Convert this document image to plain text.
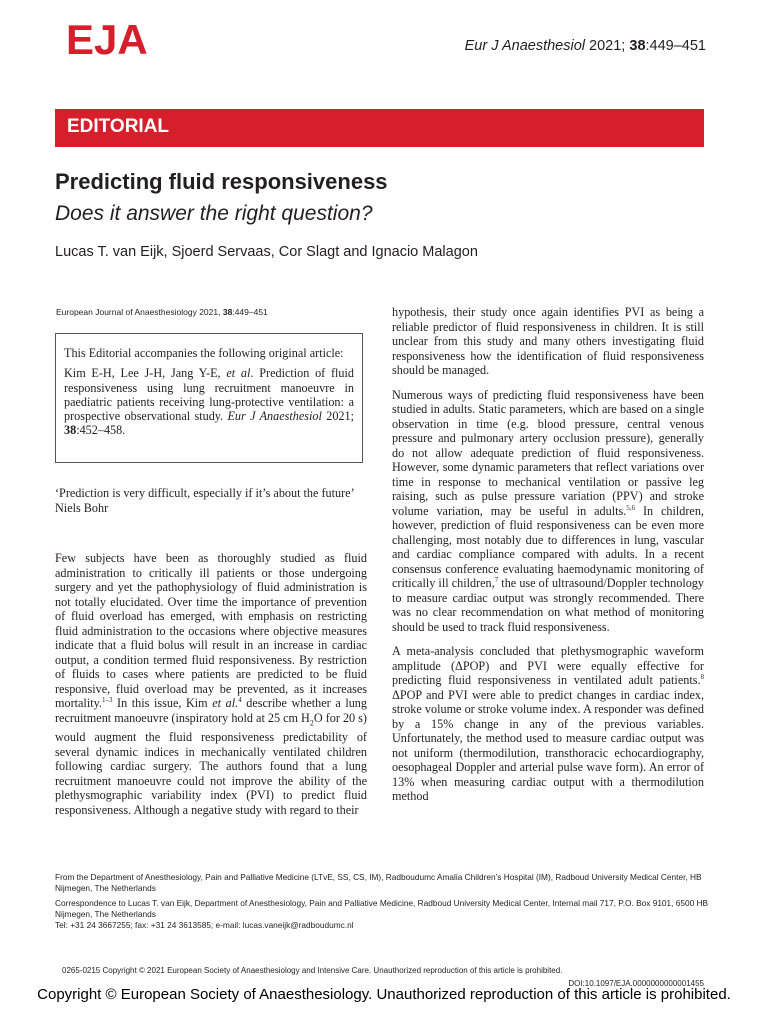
EJA	Eur J Anaesthesiol 2021; 38:449–451
EDITORIAL
Predicting fluid responsiveness
Does it answer the right question?
Lucas T. van Eijk, Sjoerd Servaas, Cor Slagt and Ignacio Malagon
European Journal of Anaesthesiology 2021, 38:449–451

This Editorial accompanies the following original article:

Kim E-H, Lee J-H, Jang Y-E, et al. Prediction of fluid responsiveness using lung recruitment manoeuvre in paediatric patients receiving lung-protective ventilation: a prospective observational study. Eur J Anaesthesiol 2021; 38:452–458.

‘Prediction is very difficult, especially if it’s about the future’
Niels Bohr

Few subjects have been as thoroughly studied as fluid administration to critically ill patients or those undergoing surgery and yet the pathophysiology of fluid administration is not totally elucidated. Over time the importance of prevention of fluid overload has emerged, with emphasis on restricting fluid administration to the occasions where objective measures indicate that a fluid bolus will result in an increase in cardiac output, a condition termed fluid responsiveness. By restriction of fluids to cases where patients are predicted to be fluid responsive, fluid overload may be prevented, as it increases mortality.$^{1-3}$ In this issue, Kim et al.$^4$ describe whether a lung recruitment manoeuvre (inspiratory hold at 25 cm $H_2O$ for 20 s) would augment the fluid responsiveness predictability of several dynamic indices in mechanically ventilated children following cardiac surgery. The authors found that a lung recruitment manoeuvre could not improve the ability of the plethysmographic variability index (PVI) to predict fluid responsiveness. Although a negative study with regard to their

hypothesis, their study once again identifies PVI as being a reliable predictor of fluid responsiveness in children. It is still unclear from this study and many others investigating fluid responsiveness how the identification of fluid responsiveness should be managed.

Numerous ways of predicting fluid responsiveness have been studied in adults. Static parameters, which are based on a single observation in time (e.g. blood pressure, central venous pressure and pulmonary artery occlusion pressure), generally do not allow adequate prediction of fluid responsiveness. However, some dynamic parameters that reflect variations over time in response to mechanical ventilation or passive leg raising, such as pulse pressure variation (PPV) and stroke volume variation, may be useful in adults.$^{5,6}$ In children, however, prediction of fluid responsiveness can be even more challenging, most notably due to differences in lung, vascular and cardiac compliance compared with adults. In a recent consensus conference evaluating haemodynamic monitoring of critically ill children,$^7$ the use of ultrasound/Doppler technology to measure cardiac output was strongly recommended. There was no clear recommendation on what method of monitoring should be used to track fluid responsiveness.

A meta-analysis concluded that plethysmographic waveform amplitude (ΔPOP) and PVI were equally effective for predicting fluid responsiveness in ventilated adult patients.$^8$ ΔPOP and PVI were able to predict changes in cardiac index, stroke volume or stroke volume index. A responder was defined by a 15% change in any of the previous variables. Unfortunately, the method used to measure cardiac output was not uniform (thermodilution, transthoracic echocardiography, oesophageal Doppler and arterial pulse wave form). An error of 13% when measuring cardiac output with a thermodilution method

From the Department of Anesthesiology, Pain and Palliative Medicine (LTvE, SS, CS, IM), Radboudumc Amalia Children’s Hospital (IM), Radboud University Medical Center, HB Nijmegen, The Netherlands
Correspondence to Lucas T. van Eijk, Department of Anesthesiology, Pain and Palliative Medicine, Radboud University Medical Center, Internal mail 717, P.O. Box 9101, 6500 HB Nijmegen, The Netherlands
Tel: +31 24 3667255; fax: +31 24 3613585; e-mail: lucas.vaneijk@radboudumc.nl
0265-0215 Copyright © 2021 European Society of Anaesthesiology and Intensive Care. Unauthorized reproduction of this article is prohibited.
DOI:10.1097/EJA.0000000000001455
Copyright © European Society of Anaesthesiology. Unauthorized reproduction of this article is prohibited.
